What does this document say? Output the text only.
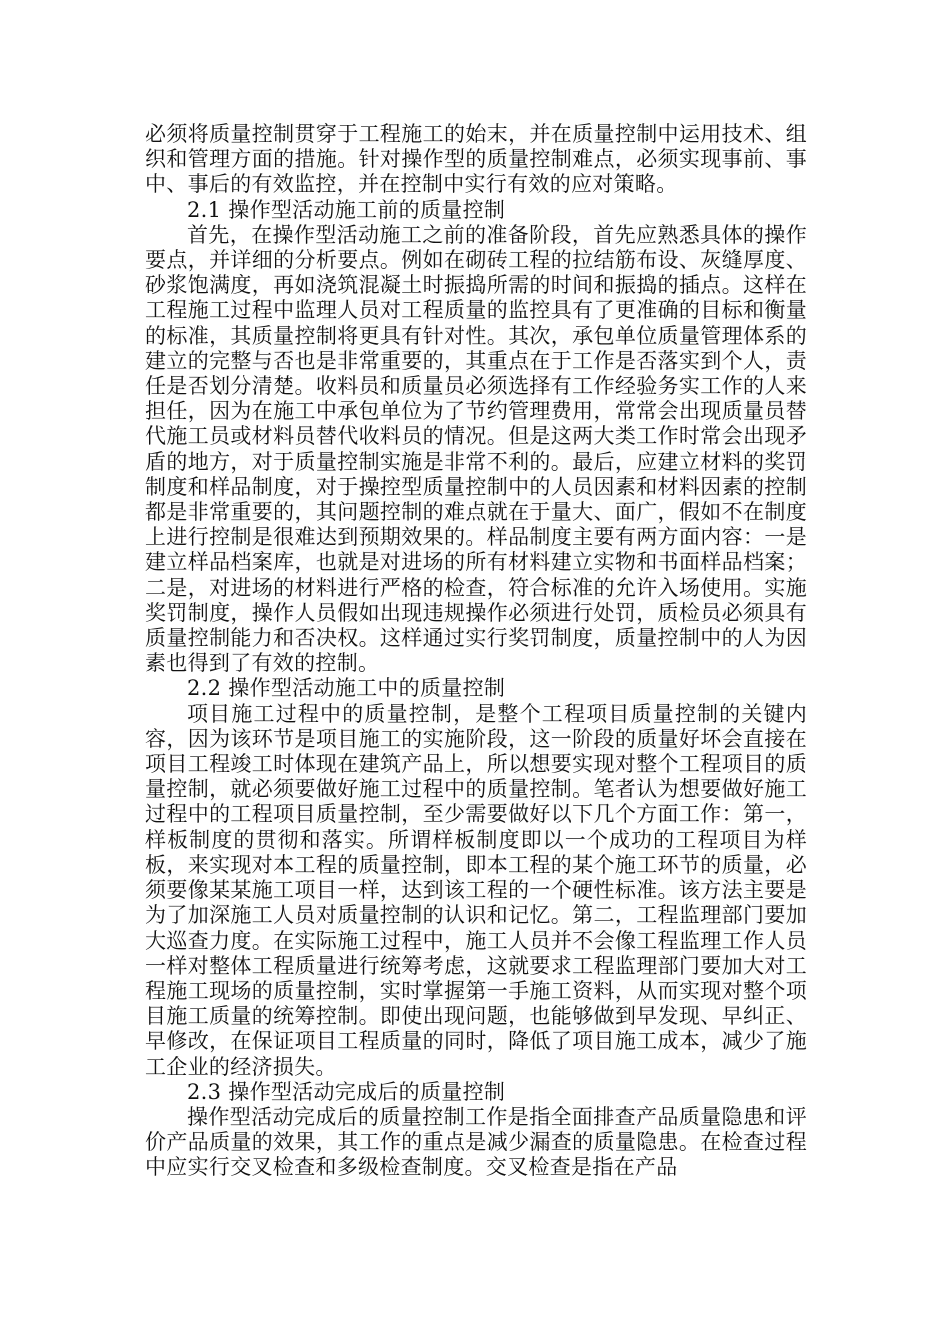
必须将质量控制贯穿于工程施工的始末，并在质量控制中运用技术、组织和管理方面的措施。针对操作型的质量控制难点，必须实现事前、事中、事后的有效监控，并在控制中实行有效的应对策略。

2.1 操作型活动施工前的质量控制

首先，在操作型活动施工之前的准备阶段，首先应熟悉具体的操作要点，并详细的分析要点。例如在砌砖工程的拉结筋布设、灰缝厚度、砂浆饱满度，再如浇筑混凝土时振捣所需的时间和振捣的插点。这样在工程施工过程中监理人员对工程质量的监控具有了更准确的目标和衡量的标准，其质量控制将更具有针对性。其次，承包单位质量管理体系的建立的完整与否也是非常重要的，其重点在于工作是否落实到个人，责任是否划分清楚。收料员和质量员必须选择有工作经验务实工作的人来担任，因为在施工中承包单位为了节约管理费用，常常会出现质量员替代施工员或材料员替代收料员的情况。但是这两大类工作时常会出现矛盾的地方，对于质量控制实施是非常不利的。最后，应建立材料的奖罚制度和样品制度，对于操控型质量控制中的人员因素和材料因素的控制都是非常重要的，其问题控制的难点就在于量大、面广，假如不在制度上进行控制是很难达到预期效果的。样品制度主要有两方面内容：一是建立样品档案库，也就是对进场的所有材料建立实物和书面样品档案；二是，对进场的材料进行严格的检查，符合标准的允许入场使用。实施奖罚制度，操作人员假如出现违规操作必须进行处罚，质检员必须具有质量控制能力和否决权。这样通过实行奖罚制度，质量控制中的人为因素也得到了有效的控制。

2.2 操作型活动施工中的质量控制

项目施工过程中的质量控制，是整个工程项目质量控制的关键内容，因为该环节是项目施工的实施阶段，这一阶段的质量好坏会直接在项目工程竣工时体现在建筑产品上，所以想要实现对整个工程项目的质量控制，就必须要做好施工过程中的质量控制。笔者认为想要做好施工过程中的工程项目质量控制，至少需要做好以下几个方面工作：第一，样板制度的贯彻和落实。所谓样板制度即以一个成功的工程项目为样板，来实现对本工程的质量控制，即本工程的某个施工环节的质量，必须要像某某施工项目一样，达到该工程的一个硬性标准。该方法主要是为了加深施工人员对质量控制的认识和记忆。第二，工程监理部门要加大巡查力度。在实际施工过程中，施工人员并不会像工程监理工作人员一样对整体工程质量进行统筹考虑，这就要求工程监理部门要加大对工程施工现场的质量控制，实时掌握第一手施工资料，从而实现对整个项目施工质量的统筹控制。即使出现问题，也能够做到早发现、早纠正、早修改，在保证项目工程质量的同时，降低了项目施工成本，减少了施工企业的经济损失。

2.3 操作型活动完成后的质量控制

操作型活动完成后的质量控制工作是指全面排查产品质量隐患和评价产品质量的效果，其工作的重点是减少漏查的质量隐患。在检查过程中应实行交叉检查和多级检查制度。交叉检查是指在产品
